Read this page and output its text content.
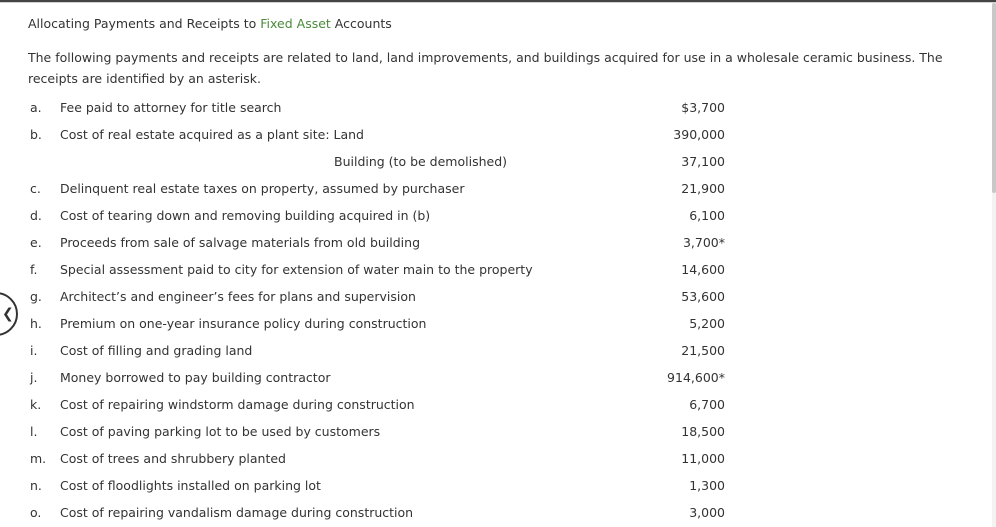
Allocating Payments and Receipts to Fixed Asset Accounts
The following payments and receipts are related to land, land improvements, and buildings acquired for use in a wholesale ceramic business. The receipts are identified by an asterisk.
a. Fee paid to attorney for title search	$3,700
b. Cost of real estate acquired as a plant site: Land	390,000
Building (to be demolished)	37,100
c. Delinquent real estate taxes on property, assumed by purchaser	21,900
d. Cost of tearing down and removing building acquired in (b)	6,100
e. Proceeds from sale of salvage materials from old building	3,700*
f. Special assessment paid to city for extension of water main to the property	14,600
g. Architect’s and engineer’s fees for plans and supervision	53,600
h. Premium on one-year insurance policy during construction	5,200
i. Cost of filling and grading land	21,500
j. Money borrowed to pay building contractor	914,600*
k. Cost of repairing windstorm damage during construction	6,700
l. Cost of paving parking lot to be used by customers	18,500
m. Cost of trees and shrubbery planted	11,000
n. Cost of floodlights installed on parking lot	1,300
o. Cost of repairing vandalism damage during construction	3,000
❮
